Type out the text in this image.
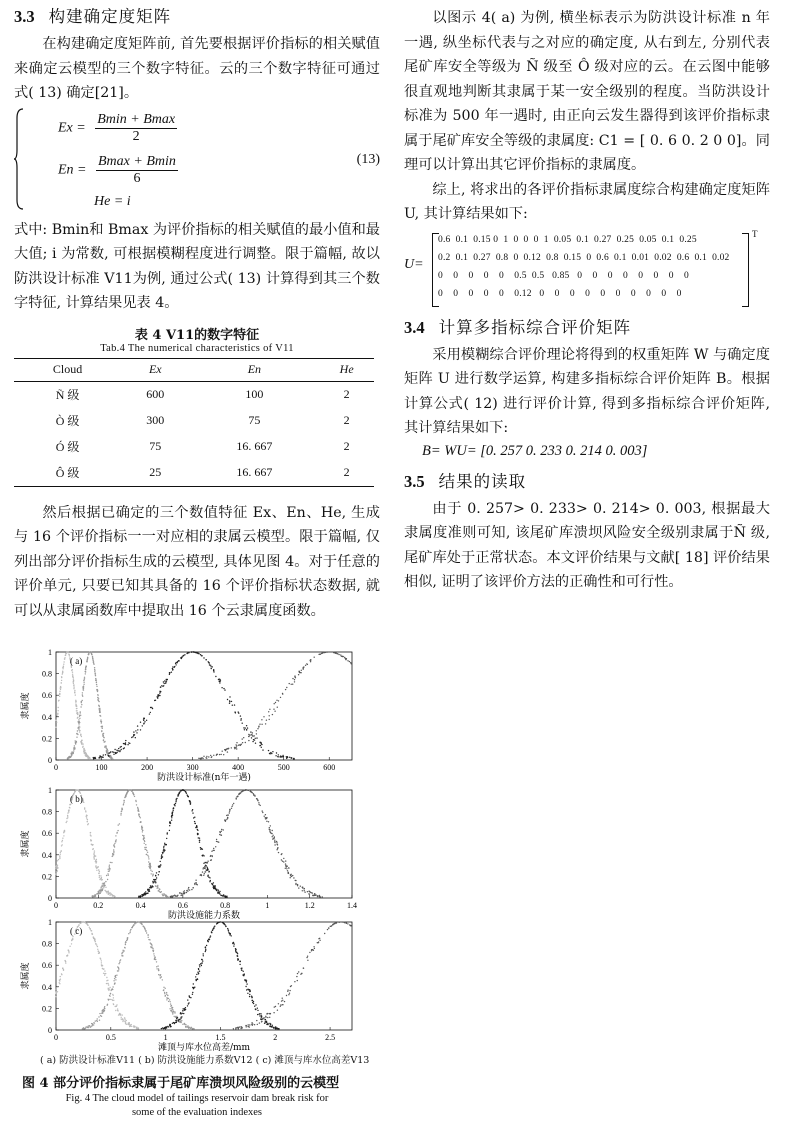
3.3 构建确定度矩阵

在构建确定度矩阵前, 首先要根据评价指标的相关赋值来确定云模型的三个数字特征。云的三个数字特征可通过式( 13) 确定[21]。

$Ex = \frac{Bmin + Bmax}{2}$
$En = \frac{Bmax + Bmin}{6}$
He = i
(13)

式中: Bmin和 Bmax 为评价指标的相关赋值的最小值和最大值; i 为常数, 可根据模糊程度进行调整。限于篇幅, 故以防洪设计标准 V11为例, 通过公式( 13) 计算得到其三个数字特征, 计算结果见表 4。

表 4 V11的数字特征

Tab.4 The numerical characteristics of V11

Cloud	Ex	En	He
Ñ 级	600	100	2
Ò 级	300	75	2
Ó 级	75	16. 667	2
Ô 级	25	16. 667	2

然后根据已确定的三个数值特征 Ex、En、He, 生成与 16 个评价指标一一对应相的隶属云模型。限于篇幅, 仅列出部分评价指标生成的云模型, 具体见图 4。对于任意的评价单元, 只要已知其具备的 16 个评价指标状态数据, 就可以从隶属函数库中提取出 16 个云隶属度函数。

0
0.2
0.4
0.6
0.8
1
0	100	200	300	400	500	600
( a)
防洪设计标准(n年一遇)
隶属度
0
0.2
0.4
0.6
0.8
1
0	0.2	0.4	0.6	0.8	1	1.2	1.4
( b)
防洪设施能力系数
隶属度
0
0.2
0.4
0.6
0.8
1
0	0.5	1	1.5	2	2.5
( c)
滩顶与库水位高差/mm
隶属度

( a) 防洪设计标准V11 ( b) 防洪设施能力系数V12 ( c) 滩顶与库水位高差V13

图 4 部分评价指标隶属于尾矿库溃坝风险级别的云模型

Fig. 4 The cloud model of tailings reservoir dam break risk for
some of the evaluation indexes

以图示 4( a) 为例, 横坐标表示为防洪设计标准 n 年一遇, 纵坐标代表与之对应的确定度, 从右到左, 分别代表尾矿库安全等级为 Ñ 级至 Ô 级对应的云。在云图中能够很直观地判断其隶属于某一安全级别的程度。当防洪设计标准为 500 年一遇时, 由正向云发生器得到该评价指标隶属于尾矿库安全等级的隶属度: C1 = [ 0. 6 0. 2 0 0]。同理可以计算出其它评价指标的隶属度。

综上, 将求出的各评价指标隶属度综合构建确定度矩阵 U, 其计算结果如下:

U=
T
0.6  0.1  0.15 0  1  0  0  0  1  0.05  0.1  0.27  0.25  0.05  0.1  0.25
0.2  0.1  0.27  0.8  0  0.12  0.8  0.15  0  0.6  0.1  0.01  0.02  0.6  0.1  0.02
0    0    0    0    0    0.5  0.5   0.85   0    0    0    0    0    0    0    0
0    0    0    0    0    0.12   0    0    0    0    0    0    0    0    0    0
3.4 计算多指标综合评价矩阵

采用模糊综合评价理论将得到的权重矩阵 W 与确定度矩阵 U 进行数学运算, 构建多指标综合评价矩阵 B。根据计算公式( 12) 进行评价计算, 得到多指标综合评价矩阵, 其计算结果如下:

B= WU= [0. 257 0. 233 0. 214 0. 003]
3.5 结果的读取

由于 0. 257> 0. 233> 0. 214> 0. 003, 根据最大隶属度准则可知, 该尾矿库溃坝风险安全级别隶属于Ñ 级, 尾矿库处于正常状态。本文评价结果与文献[ 18] 评价结果相似, 证明了该评价方法的正确性和可行性。
